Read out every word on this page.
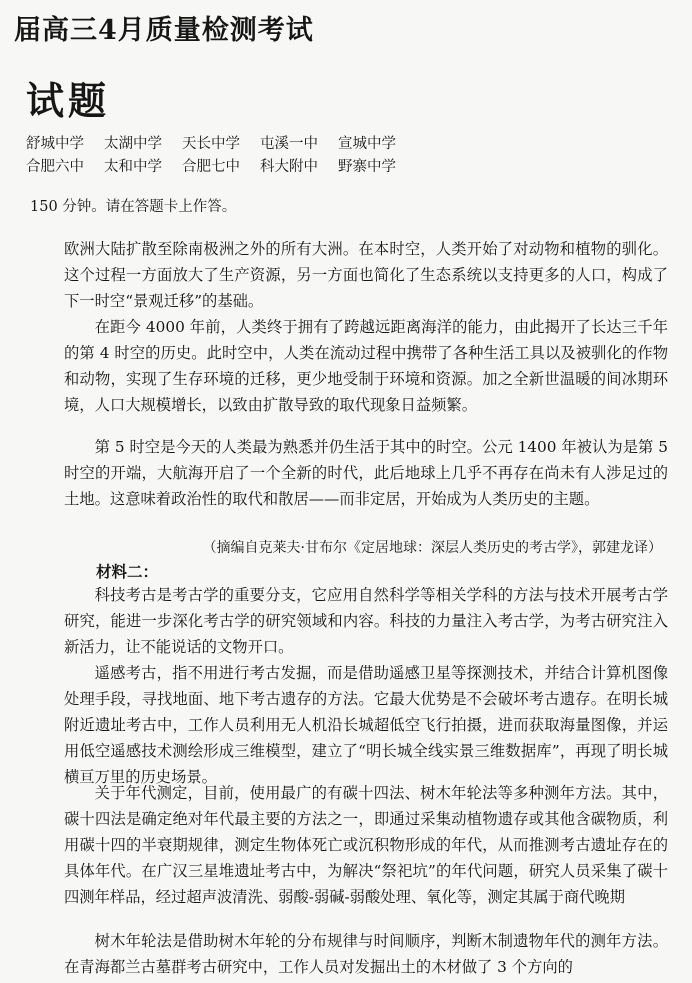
届高三4月质量检测考试
试题
舒城中学 太湖中学 天长中学 屯溪一中 宣城中学
合肥六中 太和中学 合肥七中 科大附中 野寨中学
150 分钟。请在答题卡上作答。
欧洲大陆扩散至除南极洲之外的所有大洲。在本时空，人类开始了对动物和植物的驯化。这个过程一方面放大了生产资源，另一方面也简化了生态系统以支持更多的人口，构成了下一时空“景观迁移”的基础。
在距今 4000 年前，人类终于拥有了跨越远距离海洋的能力，由此揭开了长达三千年的第 4 时空的历史。此时空中，人类在流动过程中携带了各种生活工具以及被驯化的作物和动物，实现了生存环境的迁移，更少地受制于环境和资源。加之全新世温暖的间冰期环境，人口大规模增长，以致由扩散导致的取代现象日益频繁。
第 5 时空是今天的人类最为熟悉并仍生活于其中的时空。公元 1400 年被认为是第 5 时空的开端，大航海开启了一个全新的时代，此后地球上几乎不再存在尚未有人涉足过的土地。这意味着政治性的取代和散居——而非定居，开始成为人类历史的主题。
（摘编自克莱夫·甘布尔《定居地球：深层人类历史的考古学》，郭建龙译）
材料二：
科技考古是考古学的重要分支，它应用自然科学等相关学科的方法与技术开展考古学研究，能进一步深化考古学的研究领域和内容。科技的力量注入考古学，为考古研究注入新活力，让不能说话的文物开口。
遥感考古，指不用进行考古发掘，而是借助遥感卫星等探测技术，并结合计算机图像处理手段，寻找地面、地下考古遗存的方法。它最大优势是不会破坏考古遗存。在明长城附近遗址考古中，工作人员利用无人机沿长城超低空飞行拍摄，进而获取海量图像，并运用低空遥感技术测绘形成三维模型，建立了“明长城全线实景三维数据库”，再现了明长城横亘万里的历史场景。
关于年代测定，目前，使用最广的有碳十四法、树木年轮法等多种测年方法。其中，碳十四法是确定绝对年代最主要的方法之一，即通过采集动植物遗存或其他含碳物质，利用碳十四的半衰期规律，测定生物体死亡或沉积物形成的年代，从而推测考古遗址存在的具体年代。在广汉三星堆遗址考古中，为解决“祭祀坑”的年代问题，研究人员采集了碳十四测年样品，经过超声波清洗、弱酸-弱碱-弱酸处理、氧化等，测定其属于商代晚期
树木年轮法是借助树木年轮的分布规律与时间顺序，判断木制遗物年代的测年方法。在青海都兰古墓群考古研究中，工作人员对发掘出土的木材做了 3 个方向的
